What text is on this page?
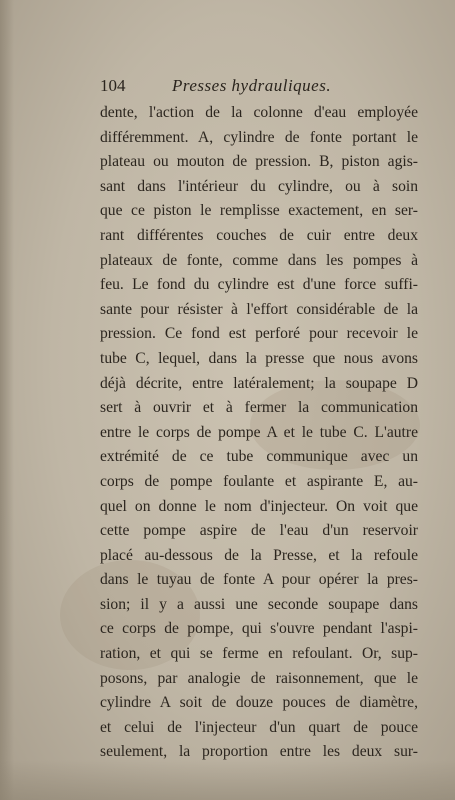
104	Presses hydrauliques.
dente, l'action de la colonne d'eau employée
différemment. A, cylindre de fonte portant le
plateau ou mouton de pression. B, piston agis-
sant dans l'intérieur du cylindre, ou à soin
que ce piston le remplisse exactement, en ser-
rant différentes couches de cuir entre deux
plateaux de fonte, comme dans les pompes à
feu. Le fond du cylindre est d'une force suffi-
sante pour résister à l'effort considérable de la
pression. Ce fond est perforé pour recevoir le
tube C, lequel, dans la presse que nous avons
déjà décrite, entre latéralement; la soupape D
sert à ouvrir et à fermer la communication
entre le corps de pompe A et le tube C. L'autre
extrémité de ce tube communique avec un
corps de pompe foulante et aspirante E, au-
quel on donne le nom d'injecteur. On voit que
cette pompe aspire de l'eau d'un reservoir
placé au-dessous de la Presse, et la refoule
dans le tuyau de fonte A pour opérer la pres-
sion; il y a aussi une seconde soupape dans
ce corps de pompe, qui s'ouvre pendant l'aspi-
ration, et qui se ferme en refoulant. Or, sup-
posons, par analogie de raisonnement, que le
cylindre A soit de douze pouces de diamètre,
et celui de l'injecteur d'un quart de pouce
seulement, la proportion entre les deux sur-
